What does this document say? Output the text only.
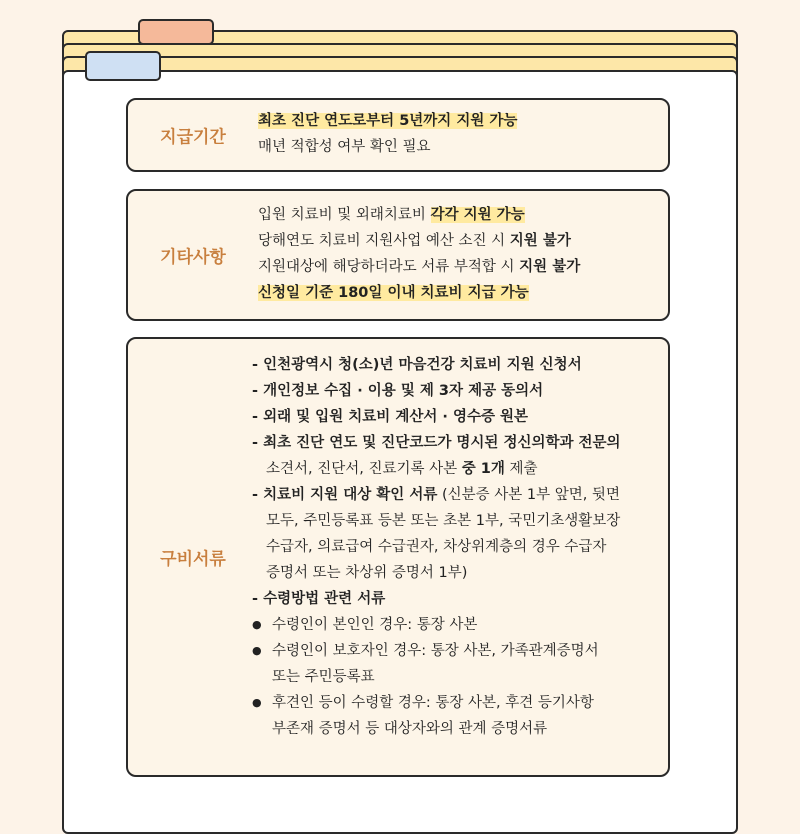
지급기간
최초 진단 연도로부터 5년까지 지원 가능
매년 적합성 여부 확인 필요
기타사항
입원 치료비 및 외래치료비 각각 지원 가능
당해연도 치료비 지원사업 예산 소진 시 지원 불가
지원대상에 해당하더라도 서류 부적합 시 지원 불가
신청일 기준 180일 이내 치료비 지급 가능
구비서류
- 인천광역시 청(소)년 마음건강 치료비 지원 신청서
- 개인정보 수집 · 이용 및 제 3자 제공 동의서
- 외래 및 입원 치료비 계산서 · 영수증 원본
- 최초 진단 연도 및 진단코드가 명시된 정신의학과 전문의
소견서, 진단서, 진료기록 사본 중 1개 제출
- 치료비 지원 대상 확인 서류 (신분증 사본 1부 앞면, 뒷면
모두, 주민등록표 등본 또는 초본 1부, 국민기초생활보장
수급자, 의료급여 수급권자, 차상위계층의 경우 수급자
증명서 또는 차상위 증명서 1부)
- 수령방법 관련 서류
● 수령인이 본인인 경우: 통장 사본
● 수령인이 보호자인 경우: 통장 사본, 가족관계증명서
또는 주민등록표
● 후견인 등이 수령할 경우: 통장 사본, 후견 등기사항
부존재 증명서 등 대상자와의 관계 증명서류
